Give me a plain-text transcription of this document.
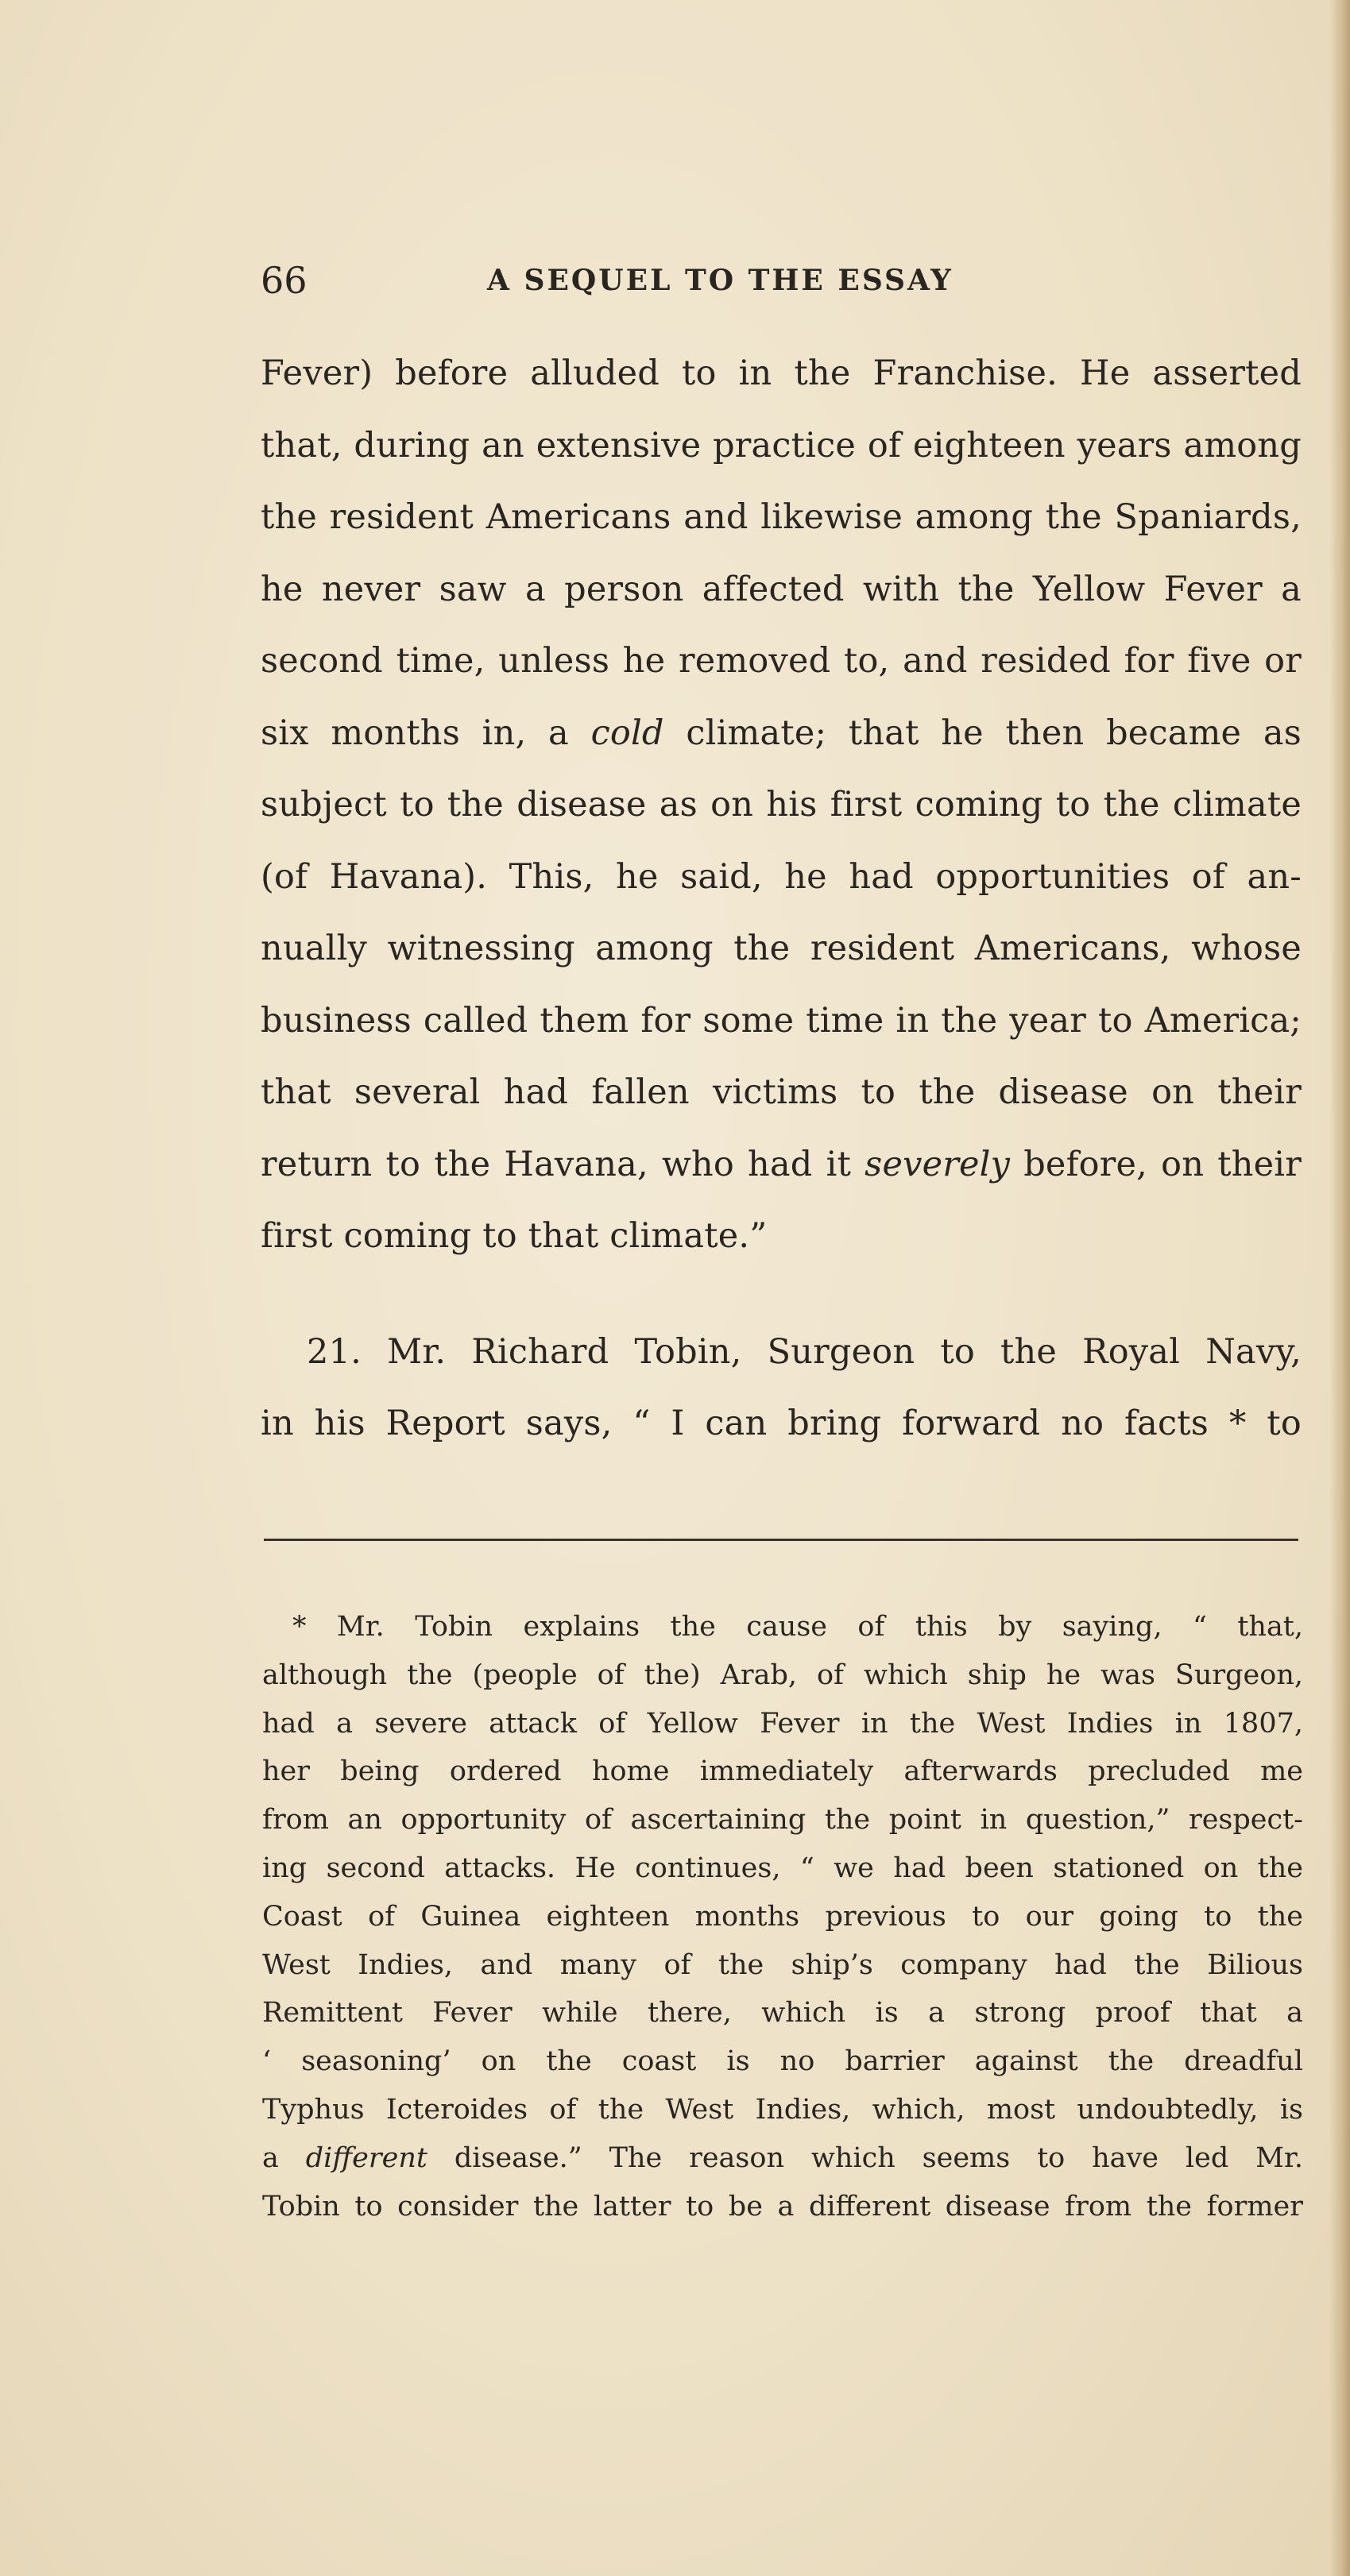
66	A SEQUEL TO THE ESSAY
Fever) before alluded to in the Franchise. He asserted
that, during an extensive practice of eighteen years among
the resident Americans and likewise among the Spaniards,
he never saw a person affected with the Yellow Fever a
second time, unless he removed to, and resided for five or
six months in, a cold climate; that he then became as
subject to the disease as on his first coming to the climate
(of Havana). This, he said, he had opportunities of an-
nually witnessing among the resident Americans, whose
business called them for some time in the year to America;
that several had fallen victims to the disease on their
return to the Havana, who had it severely before, on their
first coming to that climate.”
21. Mr. Richard Tobin, Surgeon to the Royal Navy,
in his Report says, “ I can bring forward no facts * to
* Mr. Tobin explains the cause of this by saying, “ that,
although the (people of the) Arab, of which ship he was Surgeon,
had a severe attack of Yellow Fever in the West Indies in 1807,
her being ordered home immediately afterwards precluded me
from an opportunity of ascertaining the point in question,” respect-
ing second attacks. He continues, “ we had been stationed on the
Coast of Guinea eighteen months previous to our going to the
West Indies, and many of the ship’s company had the Bilious
Remittent Fever while there, which is a strong proof that a
‘ seasoning’ on the coast is no barrier against the dreadful
Typhus Icteroides of the West Indies, which, most undoubtedly, is
a different disease.” The reason which seems to have led Mr.
Tobin to consider the latter to be a different disease from the former
